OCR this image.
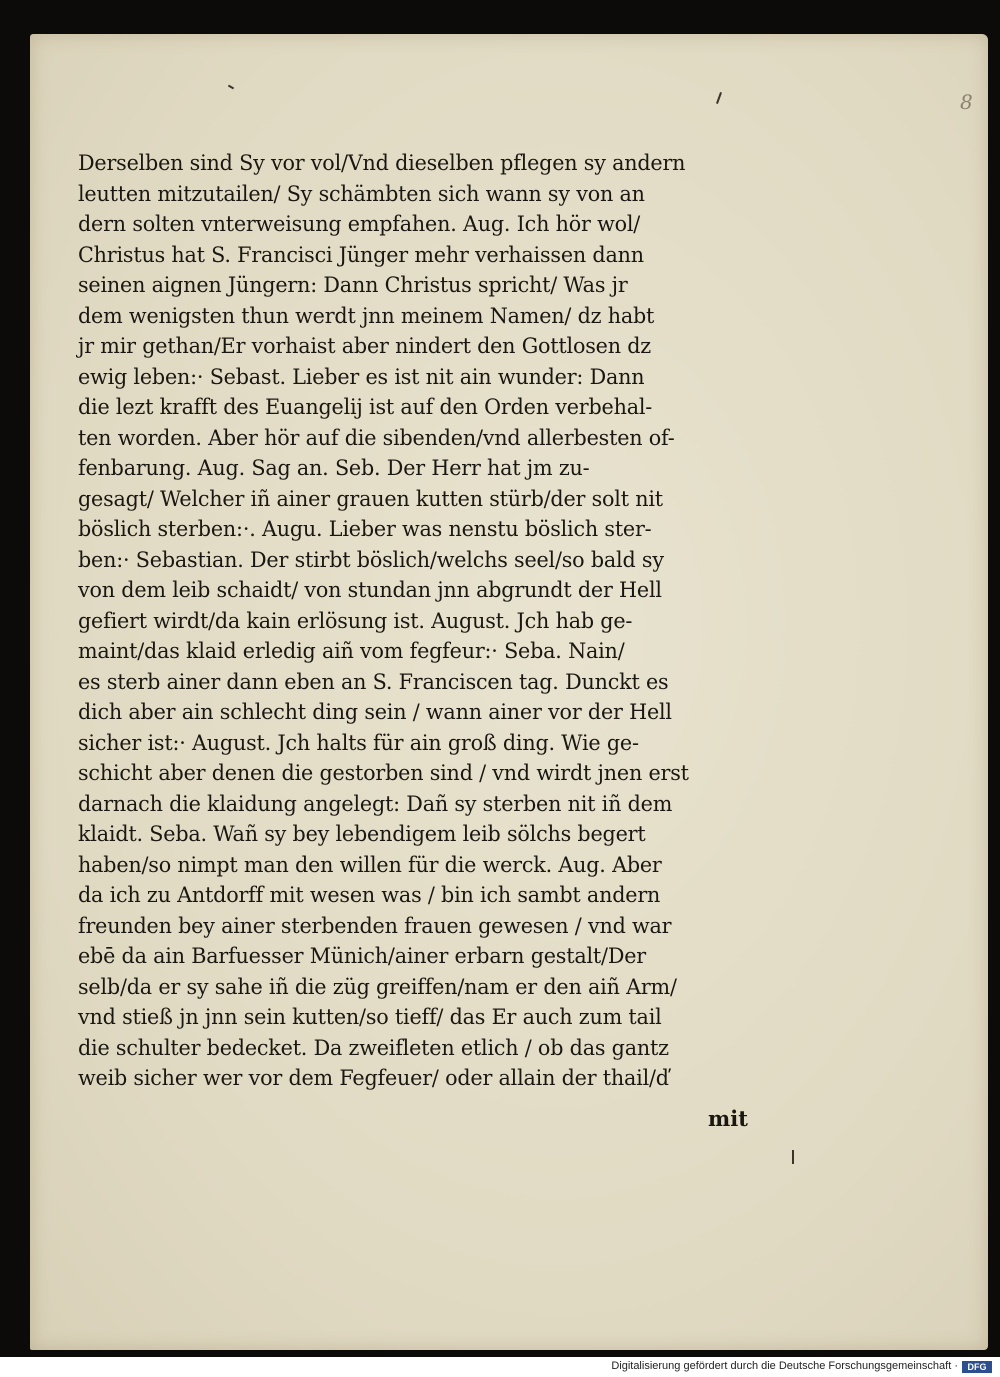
8
Derselben sind Sy vor vol/Vnd dieselben pflegen sy andern
leutten mitzutailen/ Sy schämbten sich wann sy von an
dern solten vnterweisung empfahen. Aug. Ich hör wol/
Christus hat S. Francisci Jünger mehr verhaissen dann
seinen aignen Jüngern: Dann Christus spricht/ Was jr
dem wenigsten thun werdt jnn meinem Namen/ dz habt
jr mir gethan/Er vorhaist aber nindert den Gottlosen dz
ewig leben:· Sebast. Lieber es ist nit ain wunder: Dann
die lezt krafft des Euangelij ist auf den Orden verbehal-
ten worden. Aber hör auf die sibenden/vnd allerbesten of-
fenbarung. Aug. Sag an. Seb. Der Herr hat jm zu-
gesagt/ Welcher iñ ainer grauen kutten stürb/der solt nit
böslich sterben:·. Augu. Lieber was nenstu böslich ster-
ben:· Sebastian. Der stirbt böslich/welchs seel/so bald sy
von dem leib schaidt/ von stundan jnn abgrundt der Hell
gefiert wirdt/da kain erlösung ist. August. Jch hab ge-
maint/das klaid erledig aiñ vom fegfeur:· Seba. Nain/
es sterb ainer dann eben an S. Franciscen tag. Dunckt es
dich aber ain schlecht ding sein / wann ainer vor der Hell
sicher ist:· August. Jch halts für ain groß ding. Wie ge-
schicht aber denen die gestorben sind / vnd wirdt jnen erst
darnach die klaidung angelegt: Dañ sy sterben nit iñ dem
klaidt. Seba. Wañ sy bey lebendigem leib sölchs begert
haben/so nimpt man den willen für die werck. Aug. Aber
da ich zu Antdorff mit wesen was / bin ich sambt andern
freunden bey ainer sterbenden frauen gewesen / vnd war
ebē da ain Barfuesser Münich/ainer erbarn gestalt/Der
selb/da er sy sahe iñ die züg greiffen/nam er den aiñ Arm/
vnd stieß jn jnn sein kutten/so tieff/ das Er auch zum tail
die schulter bedecket. Da zweifleten etlich / ob das gantz
weib sicher wer vor dem Fegfeuer/ oder allain der thail/ď
mit
Digitalisierung gefördert durch die Deutsche Forschungsgemeinschaft ·	DFG
